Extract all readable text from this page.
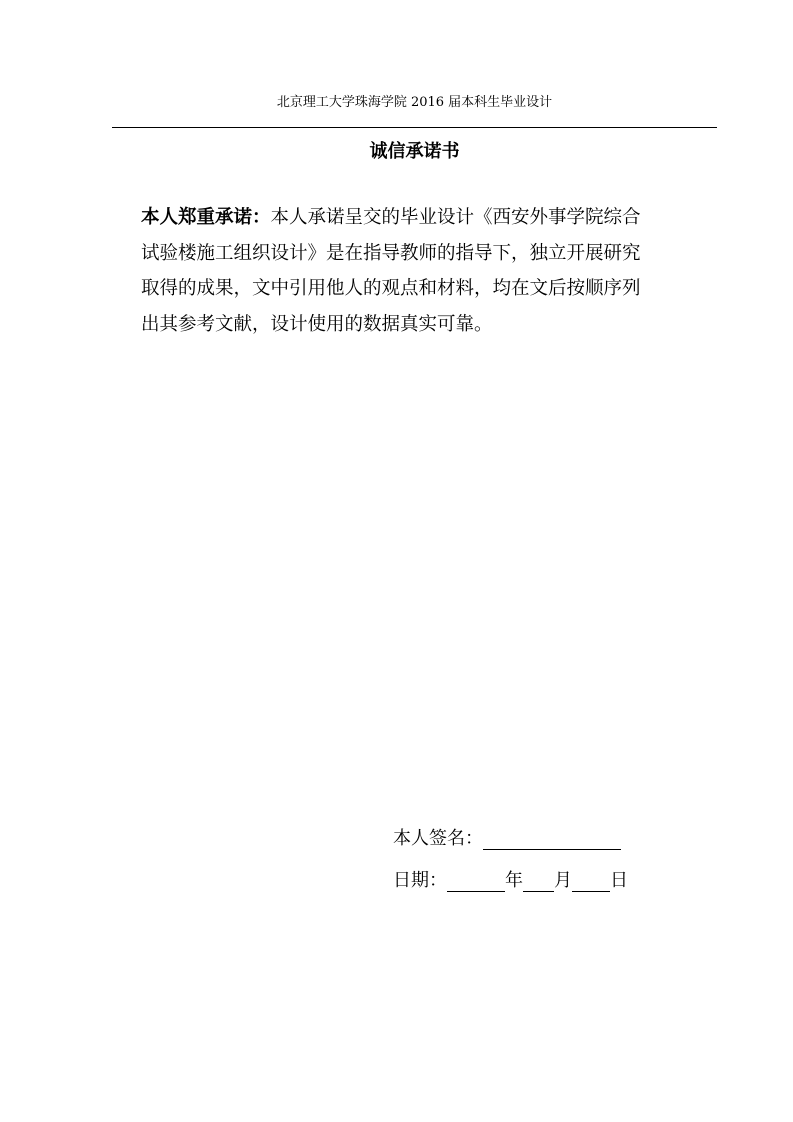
北京理工大学珠海学院 2016 届本科生毕业设计
诚信承诺书
本人郑重承诺：本人承诺呈交的毕业设计《西安外事学院综合
试验楼施工组织设计》是在指导教师的指导下，独立开展研究
取得的成果，文中引用他人的观点和材料，均在文后按顺序列
出其参考文献，设计使用的数据真实可靠。
本人签名：
日期：	年 月 日
